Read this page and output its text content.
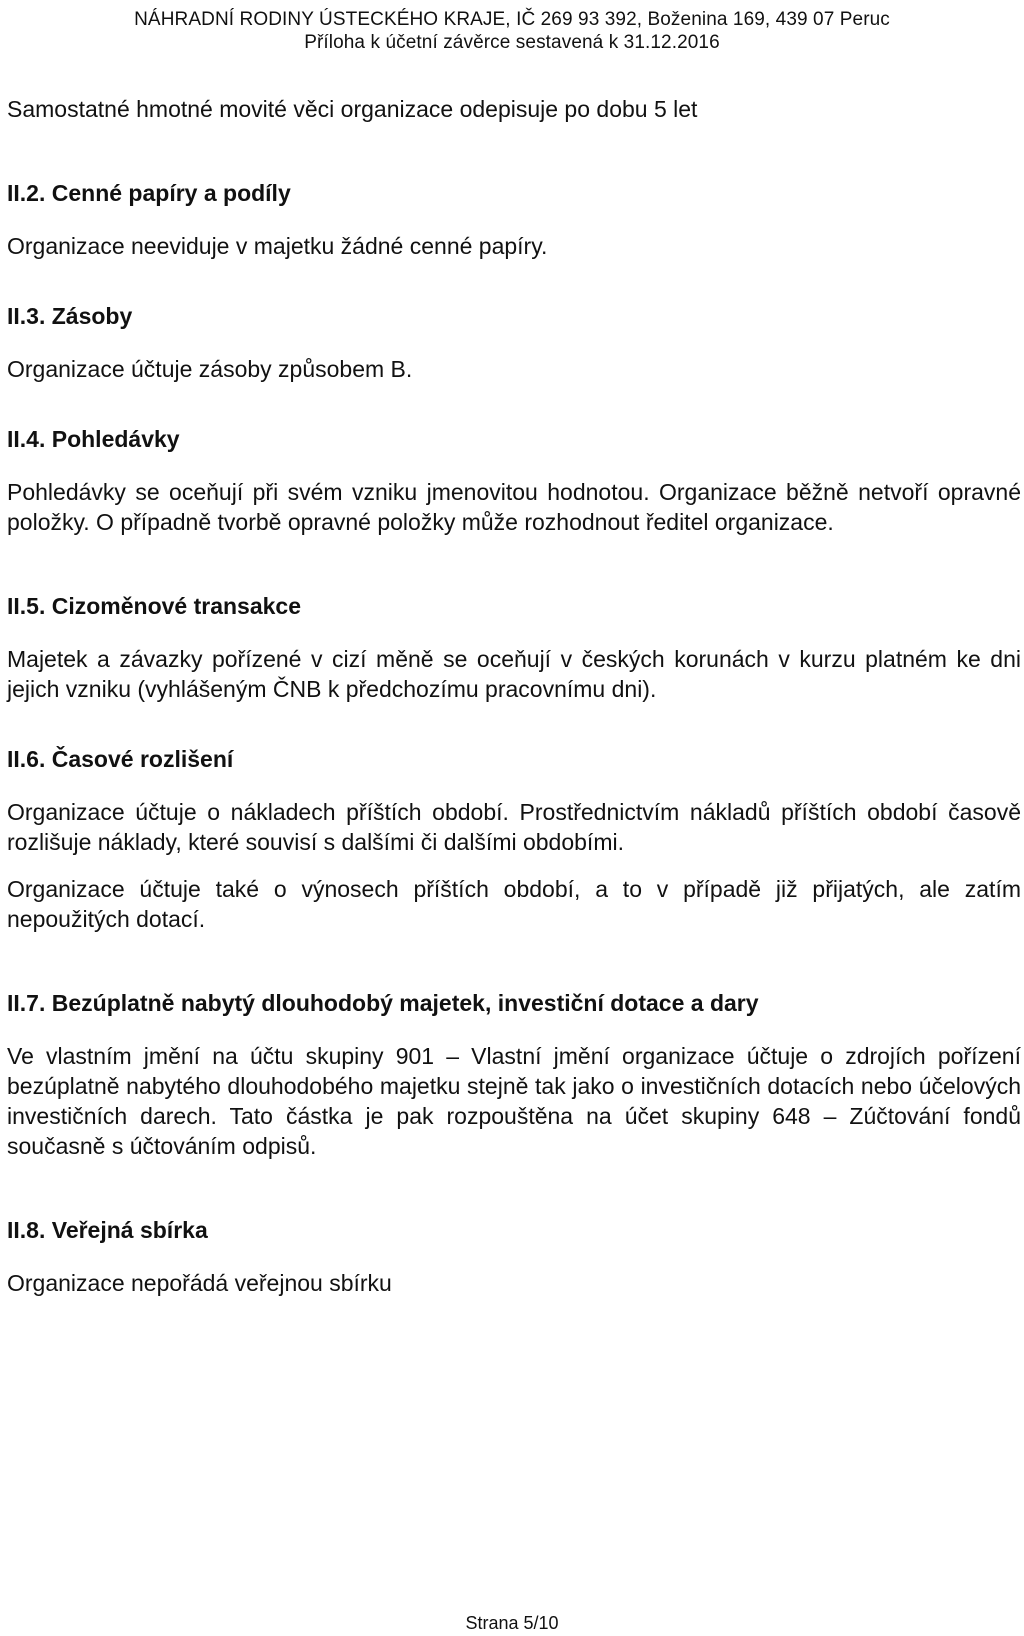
NÁHRADNÍ RODINY ÚSTECKÉHO KRAJE, IČ 269 93 392, Boženina 169, 439 07 Peruc
Příloha k účetní závěrce sestavená k 31.12.2016

Samostatné hmotné movité věci organizace odepisuje po dobu 5 let

II.2. Cenné papíry a podíly

Organizace neeviduje v majetku žádné cenné papíry.

II.3. Zásoby

Organizace účtuje zásoby způsobem B.

II.4. Pohledávky

Pohledávky se oceňují při svém vzniku jmenovitou hodnotou. Organizace běžně netvoří opravné položky. O případně tvorbě opravné položky může rozhodnout ředitel organizace.

II.5. Cizoměnové transakce

Majetek a závazky pořízené v cizí měně se oceňují v českých korunách v kurzu platném ke dni jejich vzniku (vyhlášeným ČNB k předchozímu pracovnímu dni).

II.6. Časové rozlišení

Organizace účtuje o nákladech příštích období. Prostřednictvím nákladů příštích období časově rozlišuje náklady, které souvisí s dalšími či dalšími obdobími.

Organizace účtuje také o výnosech příštích období, a to v případě již přijatých, ale zatím nepoužitých dotací.

II.7. Bezúplatně nabytý dlouhodobý majetek, investiční dotace a dary

Ve vlastním jmění na účtu skupiny 901 – Vlastní jmění organizace účtuje o zdrojích pořízení bezúplatně nabytého dlouhodobého majetku stejně tak jako o investičních dotacích nebo účelových investičních darech. Tato částka je pak rozpouštěna na účet skupiny 648 – Zúčtování fondů současně s účtováním odpisů.

II.8. Veřejná sbírka

Organizace nepořádá veřejnou sbírku

Strana 5/10
